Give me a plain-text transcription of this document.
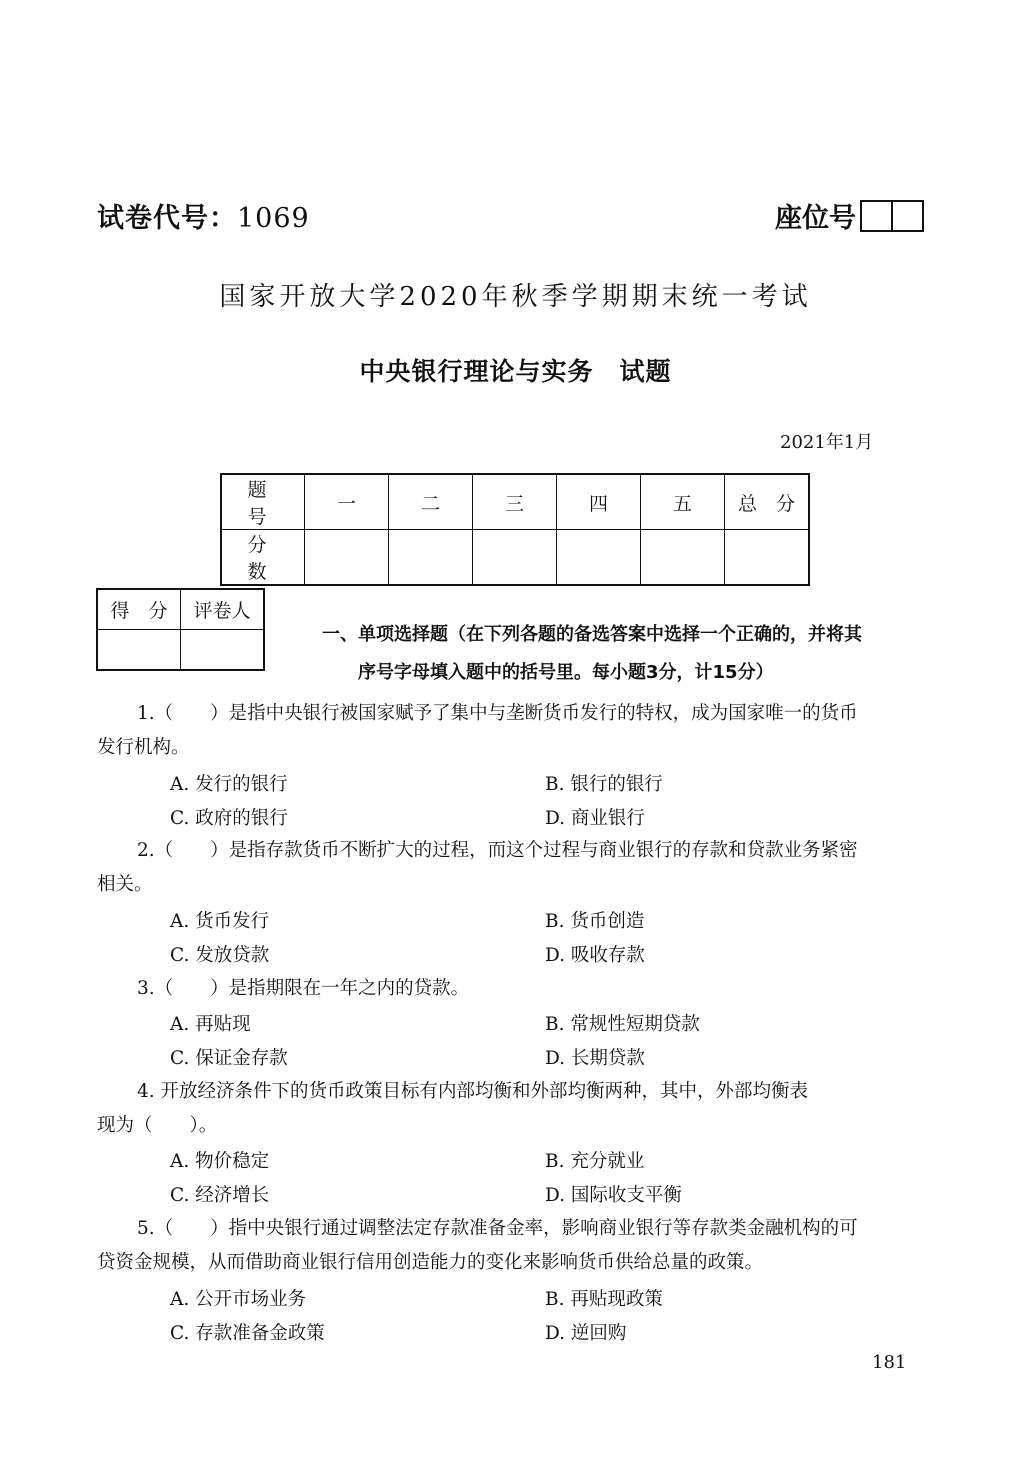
试卷代号：1069	座位号
国家开放大学2020年秋季学期期末统一考试
中央银行理论与实务　试题
2021年1月
题　号	一	二	三	四	五	总　分
分　数						
得　分	评卷人

一、单项选择题（在下列各题的备选答案中选择一个正确的，并将其
序号字母填入题中的括号里。每小题3分，计15分）
1.（　　）是指中央银行被国家赋予了集中与垄断货币发行的特权，成为国家唯一的货币
发行机构。
A. 发行的银行	B. 银行的银行
C. 政府的银行	D. 商业银行
2.（　　）是指存款货币不断扩大的过程，而这个过程与商业银行的存款和贷款业务紧密
相关。
A. 货币发行	B. 货币创造
C. 发放贷款	D. 吸收存款
3.（　　）是指期限在一年之内的贷款。
A. 再贴现	B. 常规性短期贷款
C. 保证金存款	D. 长期贷款
4. 开放经济条件下的货币政策目标有内部均衡和外部均衡两种，其中，外部均衡表
现为（　　）。
A. 物价稳定	B. 充分就业
C. 经济增长	D. 国际收支平衡
5.（　　）指中央银行通过调整法定存款准备金率，影响商业银行等存款类金融机构的可
贷资金规模，从而借助商业银行信用创造能力的变化来影响货币供给总量的政策。
A. 公开市场业务	B. 再贴现政策
C. 存款准备金政策	D. 逆回购
181
